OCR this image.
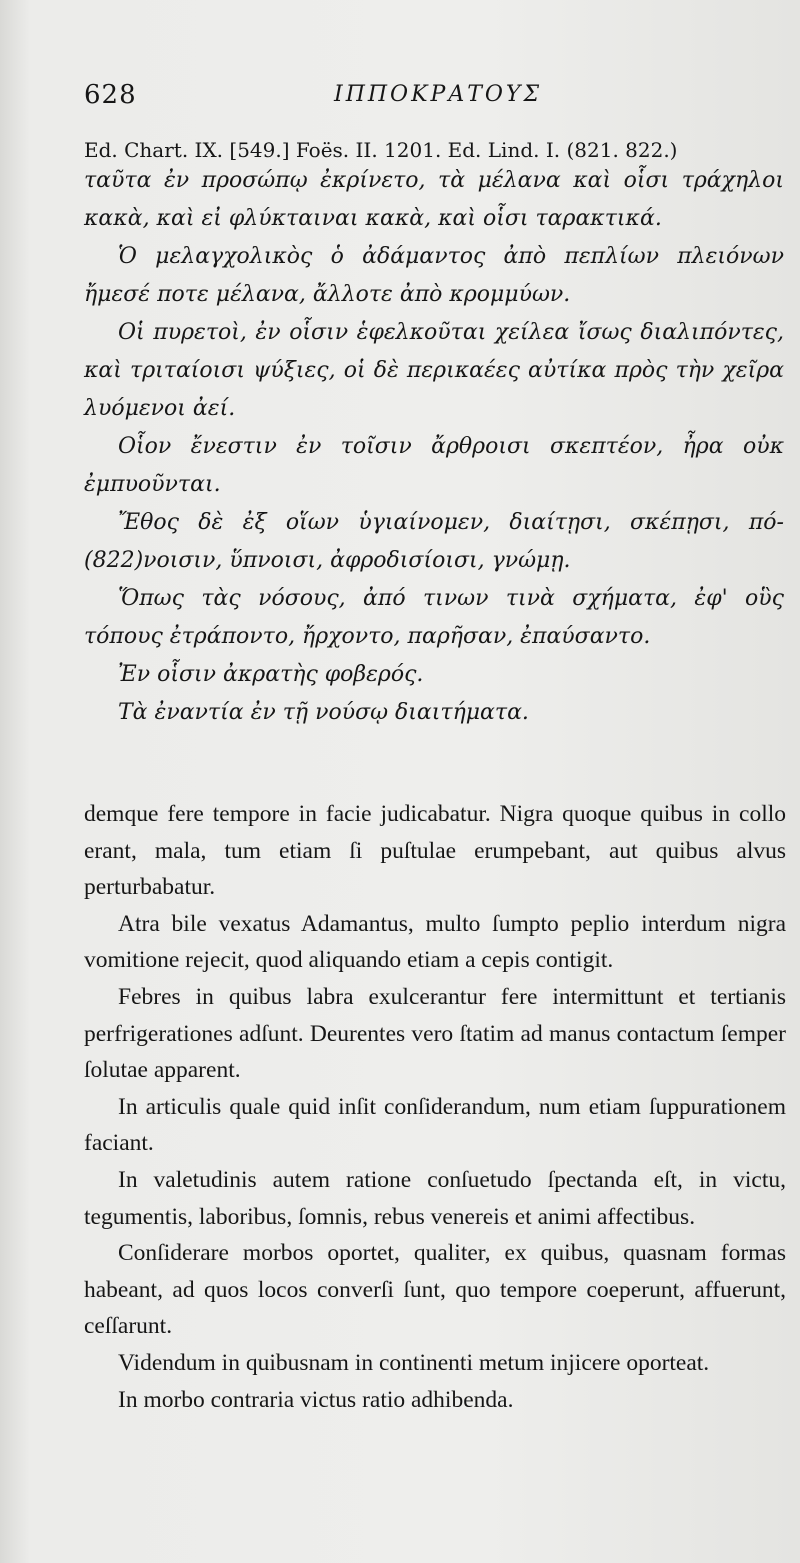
628	ΙΠΠΟΚΡΑΤΟΥΣ
Ed. Chart. IX. [549.] Foës. II. 1201. Ed. Lind. I. (821. 822.)

ταῦτα ἐν προσώπῳ ἐκρίνετο, τὰ μέλανα καὶ οἷσι τράχηλοι κακὰ, καὶ εἰ φλύκταιναι κακὰ, καὶ οἷσι ταρακτικά.

Ὁ μελαγχολικὸς ὁ ἀδάμαντος ἀπὸ πεπλίων πλειόνων ἤμεσέ ποτε μέλανα, ἄλλοτε ἀπὸ κρομμύων.

Οἱ πυρετοὶ, ἐν οἷσιν ἑφελκοῦται χείλεα ἴσως διαλιπόντες, καὶ τριταίοισι ψύξιες, οἱ δὲ περικαέες αὐτίκα πρὸς τὴν χεῖρα λυόμενοι ἀεί.

Οἷον ἔνεστιν ἐν τοῖσιν ἄρθροισι σκεπτέον, ἦρα οὐκ ἐμπυοῦνται.

Ἔθος δὲ ἐξ οἵων ὑγιαίνομεν, διαίτῃσι, σκέπῃσι, πό-(822)νοισιν, ὕπνοισι, ἀφροδισίοισι, γνώμῃ.

Ὅπως τὰς νόσους, ἀπό τινων τινὰ σχήματα, ἐφ' οὓς τόπους ἐτράποντο, ἤρχοντο, παρῆσαν, ἐπαύσαντο.

Ἐν οἷσιν ἀκρατὴς φοβερός.

Τὰ ἐναντία ἐν τῇ νούσῳ διαιτήματα.

demque fere tempore in facie judicabatur. Nigra quoque quibus in collo erant, mala, tum etiam ſi puſtulae erumpebant, aut quibus alvus perturbabatur.

Atra bile vexatus Adamantus, multo ſumpto peplio interdum nigra vomitione rejecit, quod aliquando etiam a cepis contigit.

Febres in quibus labra exulcerantur fere intermittunt et tertianis perfrigerationes adſunt. Deurentes vero ſtatim ad manus contactum ſemper ſolutae apparent.

In articulis quale quid inſit conſiderandum, num etiam ſuppurationem faciant.

In valetudinis autem ratione conſuetudo ſpectanda eſt, in victu, tegumentis, laboribus, ſomnis, rebus venereis et animi affectibus.

Conſiderare morbos oportet, qualiter, ex quibus, quasnam formas habeant, ad quos locos converſi ſunt, quo tempore coeperunt, affuerunt, ceſſarunt.

Videndum in quibusnam in continenti metum injicere oporteat.

In morbo contraria victus ratio adhibenda.
